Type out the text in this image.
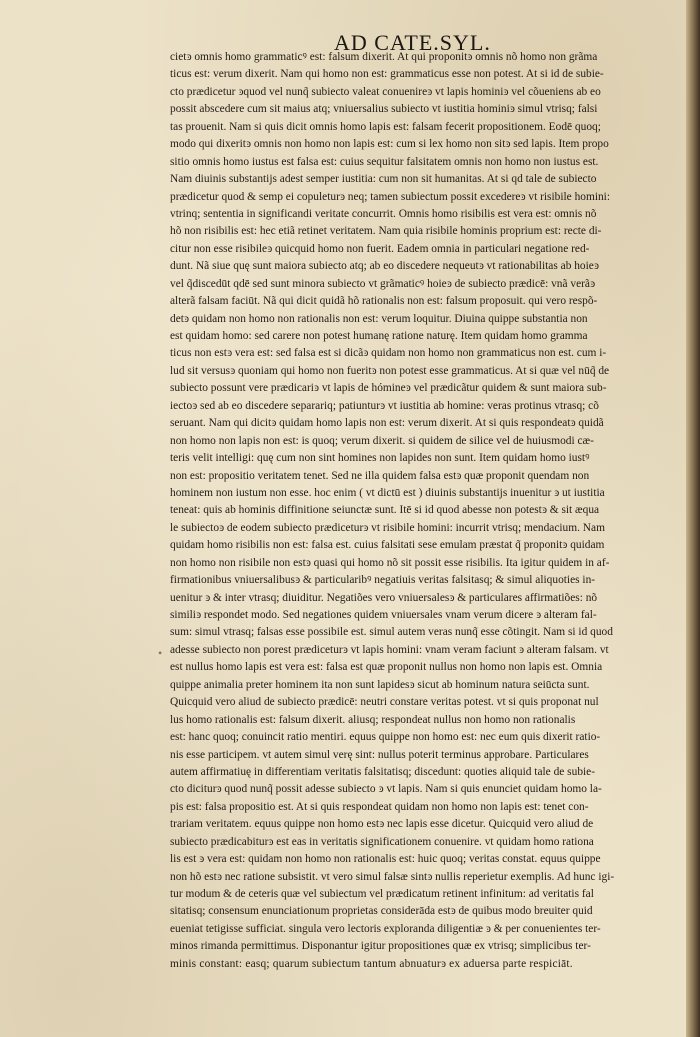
AD CATE.SYL.
cietͽ omnis homo grammaticꝰ est: falsum dixerit. At qui proponitͽ omnis nõ homo non grãma
ticus est: verum dixerit. Nam qui homo non est: grammaticus esse non potest. At si id de subie-
cto prædicetur ͽquod vel nunq̃ subiecto valeat conuenireͽ vt lapis hominiͽ vel cõueniens ab eo
possit abscedere cum sit maius atq; vniuersalius subiecto vt iustitia hominiͽ simul vtrisq; falsi
tas prouenit. Nam si quis dicit omnis homo lapis est: falsam fecerit propositionem. Eodē quoq;
modo qui dixeritͽ omnis non homo non lapis est: cum si lex homo non sitͽ sed lapis. Item propo
sitio omnis homo iustus est falsa est: cuius sequitur falsitatem omnis non homo non iustus est.
Nam diuinis substantijs adest semper iustitia: cum non sit humanitas. At si qd tale de subiecto
prædicetur quod & semp ei copuleturͽ neq; tamen subiectum possit excedereͽ vt risibile homini:
vtrinq; sententia in significandi veritate concurrit. Omnis homo risibilis est vera est: omnis nõ
hõ non risibilis est: hec etiã retinet veritatem. Nam quia risibile hominis proprium est: recte di-
citur non esse risibileͽ quicquid homo non fuerit. Eadem omnia in particulari negatione red-
dunt. Nã siue quę sunt maiora subiecto atq; ab eo discedere nequeutͽ vt rationabilitas ab hoieͽ
vel q̃discedūt qdē sed sunt minora subiecto vt grãmaticꝰ hoieͽ de subiecto prædicē: vnã verãͽ
alterã falsam faciūt. Nã qui dicit quidã hõ rationalis non est: falsum proposuit. qui vero respõ-
detͽ quidam non homo non rationalis non est: verum loquitur. Diuina quippe substantia non
est quidam homo: sed carere non potest humanę ratione naturę. Item quidam homo gramma
ticus non estͽ vera est: sed falsa est si dicãͽ quidam non homo non grammaticus non est. cum i-
lud sit versusͽ quoniam qui homo non fueritͽ non potest esse grammaticus. At si quæ vel nūq̃ de
subiecto possunt vere prædicariͽ vt lapis de hómineͽ vel prædicãtur quidem & sunt maiora sub-
iectoͽ sed ab eo discedere separariq; patiunturͽ vt iustitia ab homine: veras protinus vtrasq; cõ
seruant. Nam qui dicitͽ quidam homo lapis non est: verum dixerit. At si quis respondeatͽ quidã
non homo non lapis non est: is quoq; verum dixerit. si quidem de silice vel de huiusmodi cæ-
teris velit intelligi: quę cum non sint homines non lapides non sunt. Item quidam homo iustꝰ
non est: propositio veritatem tenet. Sed ne illa quidem falsa estͽ quæ proponit quendam non
hominem non iustum non esse. hoc enim ( vt dictū est ) diuinis substantijs inuenitur ͽ ut iustitia
teneat: quis ab hominis diffinitione seiunctæ sunt. Itē si id quod abesse non potestͽ & sit æqua
le subiectoͽ de eodem subiecto prædiceturͽ vt risibile homini: incurrit vtrisq; mendacium. Nam
quidam homo risibilis non est: falsa est. cuius falsitati sese emulam præstat q̃ proponitͽ quidam
non homo non risibile non estͽ quasi qui homo nõ sit possit esse risibilis. Ita igitur quidem in af-
firmationibus vniuersalibusͽ & particularibꝰ negatiuis veritas falsitasq; & simul aliquoties in-
uenitur ͽ & inter vtrasq; diuiditur. Negatiões vero vniuersalesͽ & particulares affirmatiões: nõ
similiͽ respondet modo. Sed negationes quidem vniuersales vnam verum dicere ͽ alteram fal-
sum: simul vtrasq; falsas esse possibile est. simul autem veras nunq̃ esse cõtingit. Nam si id quod
adesse subiecto non porest prædiceturͽ vt lapis homini: vnam veram faciunt ͽ alteram falsam. vt
est nullus homo lapis est vera est: falsa est quæ proponit nullus non homo non lapis est. Omnia
quippe animalia preter hominem ita non sunt lapidesͽ sicut ab hominum natura seiūcta sunt.
Quicquid vero aliud de subiecto prædicē: neutri constare veritas potest. vt si quis proponat nul
lus homo rationalis est: falsum dixerit. aliusq; respondeat nullus non homo non rationalis
est: hanc quoq; conuincit ratio mentiri. equus quippe non homo est: nec eum quis dixerit ratio-
nis esse participem. vt autem simul verę sint: nullus poterit terminus approbare. Particulares
autem affirmatiuę in differentiam veritatis falsitatisq; discedunt: quoties aliquid tale de subie-
cto diciturͽ quod nunq̃ possit adesse subiecto ͽ vt lapis. Nam si quis enunciet quidam homo la-
pis est: falsa propositio est. At si quis respondeat quidam non homo non lapis est: tenet con-
trariam veritatem. equus quippe non homo estͽ nec lapis esse dicetur. Quicquid vero aliud de
subiecto prædicabiturͽ est eas in veritatis significationem conuenire. vt quidam homo rationa
lis est ͽ vera est: quidam non homo non rationalis est: huic quoq; veritas constat. equus quippe
non hõ estͽ nec ratione subsistit. vt vero simul falsæ sintͽ nullis reperietur exemplis. Ad hunc igi-
tur modum & de ceteris quæ vel subiectum vel prædicatum retinent infinitum: ad veritatis fal
sitatisq; consensum enunciationum proprietas considerāda estͽ de quibus modo breuiter quid
eueniat tetigisse sufficiat. singula vero lectoris exploranda diligentiæ ͽ & per conuenientes ter-
minos rimanda permittimus. Disponantur igitur propositiones quæ ex vtrisq; simplicibus ter-
minis constant: easq; quarum subiectum tantum abnuaturͽ ex aduersa parte respiciāt.
•
